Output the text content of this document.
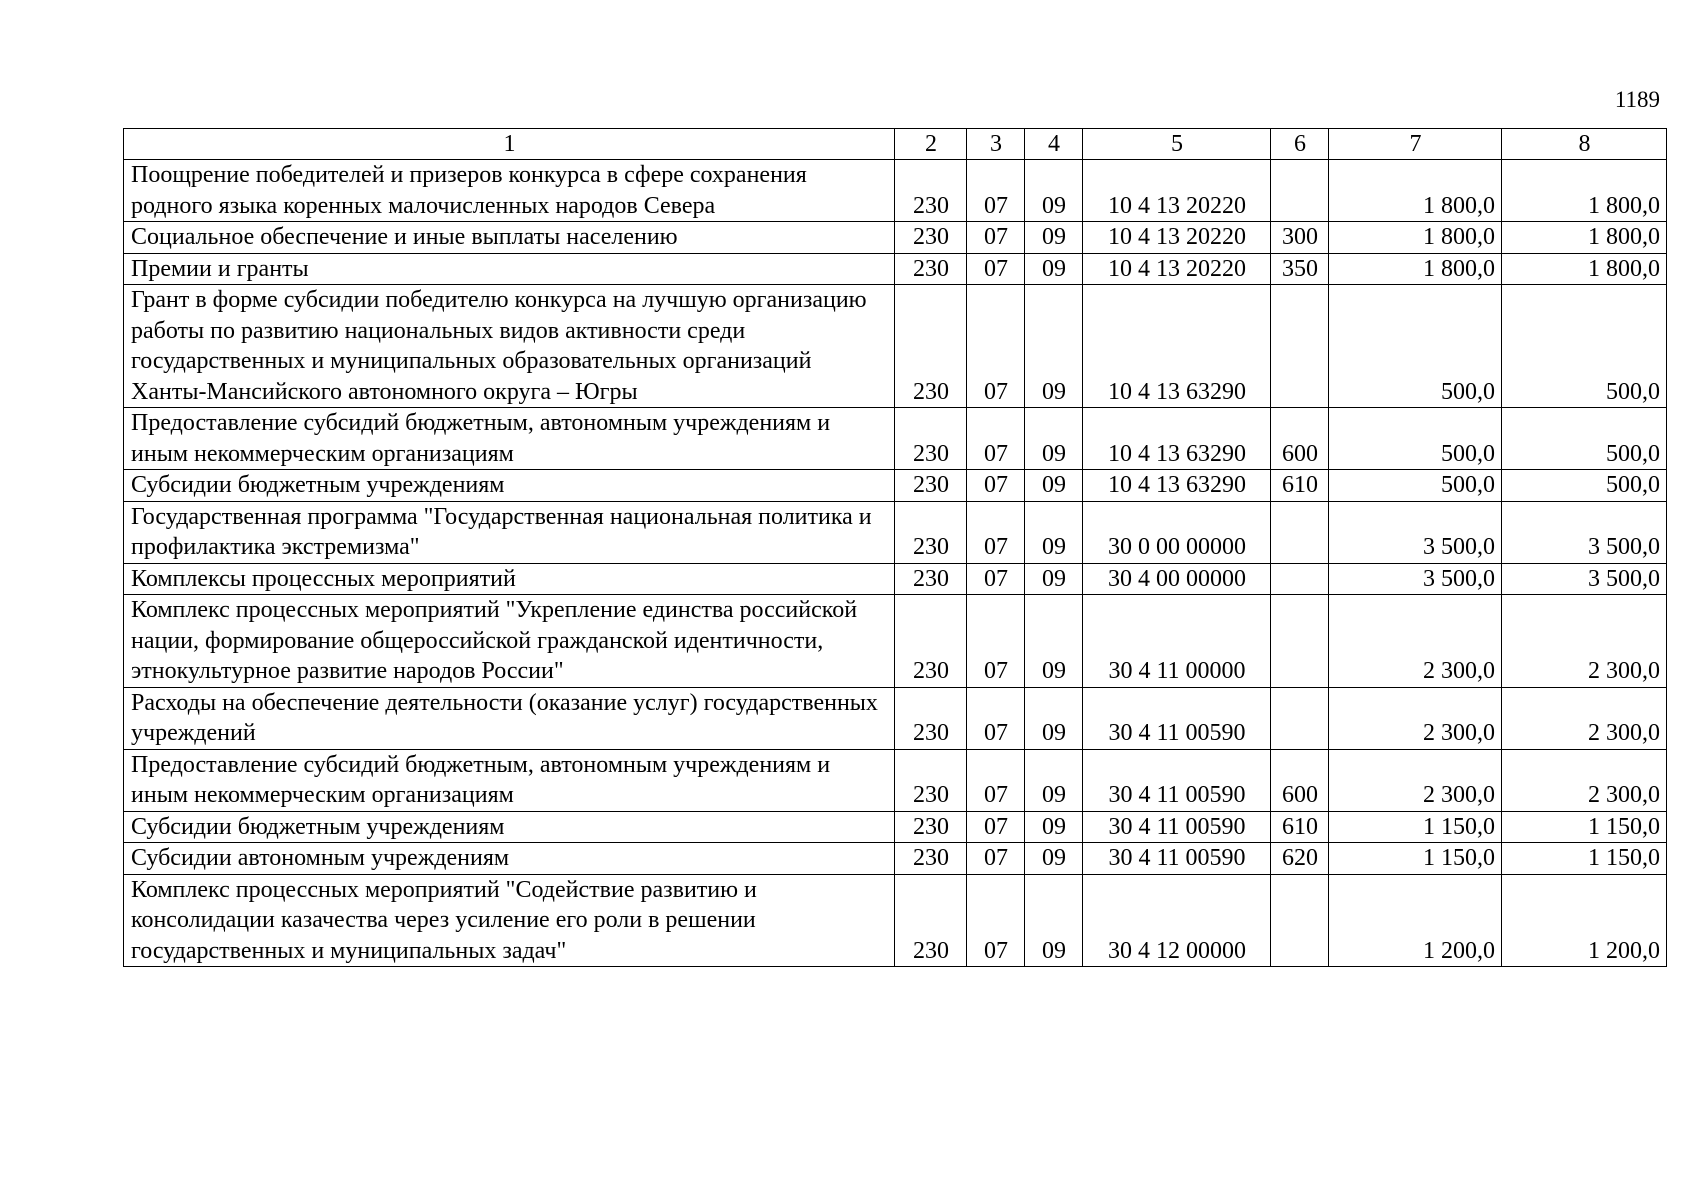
1189
1	2	3	4	5	6	7	8
Поощрение победителей и призеров конкурса в сфере сохранения родного языка коренных малочисленных народов Севера	230	07	09	10 4 13 20220		1 800,0	1 800,0
Социальное обеспечение и иные выплаты населению	230	07	09	10 4 13 20220	300	1 800,0	1 800,0
Премии и гранты	230	07	09	10 4 13 20220	350	1 800,0	1 800,0
Грант в форме субсидии победителю конкурса на лучшую организацию работы по развитию национальных видов активности среди государственных и муниципальных образовательных организаций Ханты-Мансийского автономного округа – Югры	230	07	09	10 4 13 63290		500,0	500,0
Предоставление субсидий бюджетным, автономным учреждениям и иным некоммерческим организациям	230	07	09	10 4 13 63290	600	500,0	500,0
Субсидии бюджетным учреждениям	230	07	09	10 4 13 63290	610	500,0	500,0
Государственная программа "Государственная национальная политика и профилактика экстремизма"	230	07	09	30 0 00 00000		3 500,0	3 500,0
Комплексы процессных мероприятий	230	07	09	30 4 00 00000		3 500,0	3 500,0
Комплекс процессных мероприятий "Укрепление единства российской нации, формирование общероссийской гражданской идентичности, этнокультурное развитие народов России"	230	07	09	30 4 11 00000		2 300,0	2 300,0
Расходы на обеспечение деятельности (оказание услуг) государственных учреждений	230	07	09	30 4 11 00590		2 300,0	2 300,0
Предоставление субсидий бюджетным, автономным учреждениям и иным некоммерческим организациям	230	07	09	30 4 11 00590	600	2 300,0	2 300,0
Субсидии бюджетным учреждениям	230	07	09	30 4 11 00590	610	1 150,0	1 150,0
Субсидии автономным учреждениям	230	07	09	30 4 11 00590	620	1 150,0	1 150,0
Комплекс процессных мероприятий "Содействие развитию и консолидации казачества через усиление его роли в решении государственных и муниципальных задач"	230	07	09	30 4 12 00000		1 200,0	1 200,0
